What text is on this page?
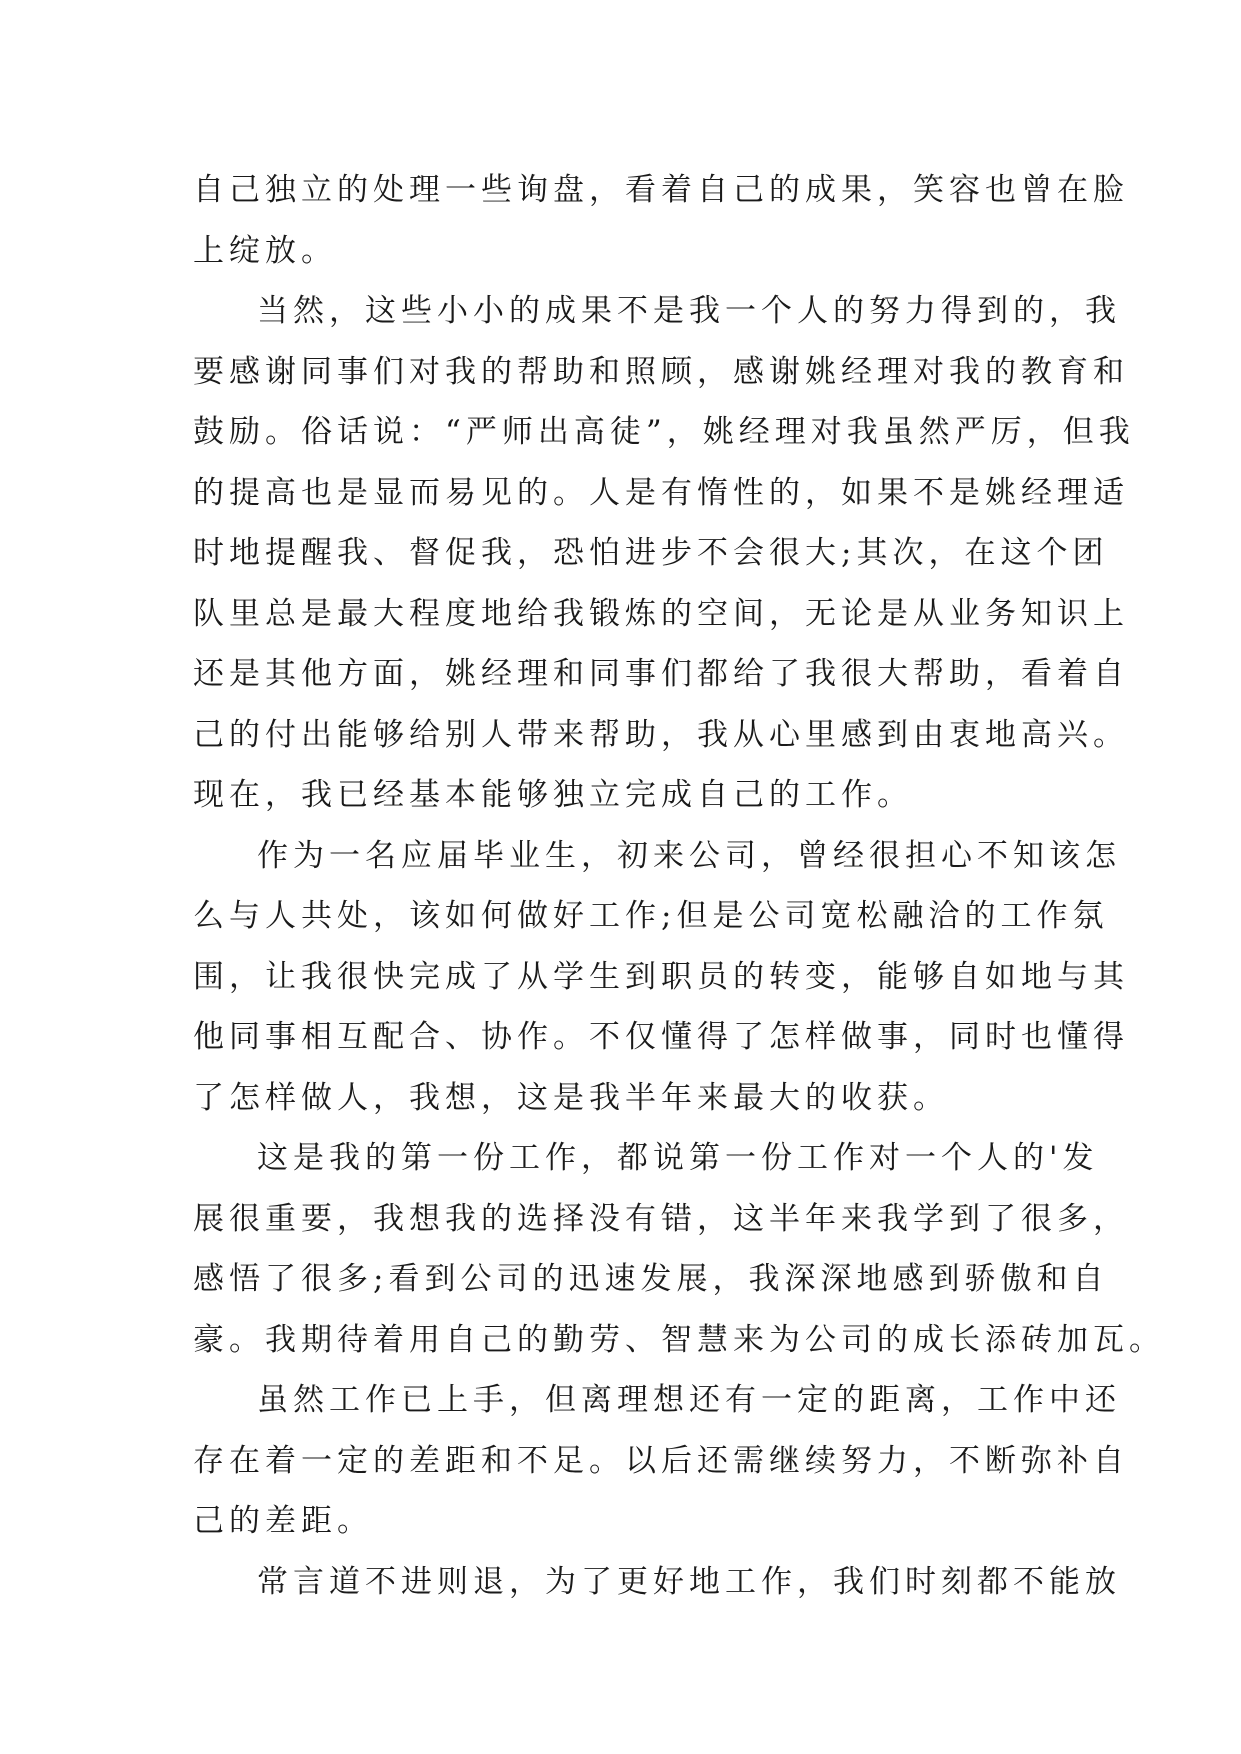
自己独立的处理一些询盘，看着自己的成果，笑容也曾在脸
上绽放。
当然，这些小小的成果不是我一个人的努力得到的，我
要感谢同事们对我的帮助和照顾，感谢姚经理对我的教育和
鼓励。俗话说：“严师出高徒”，姚经理对我虽然严厉，但我
的提高也是显而易见的。人是有惰性的，如果不是姚经理适
时地提醒我、督促我，恐怕进步不会很大;其次，在这个团
队里总是最大程度地给我锻炼的空间，无论是从业务知识上
还是其他方面，姚经理和同事们都给了我很大帮助，看着自
己的付出能够给别人带来帮助，我从心里感到由衷地高兴。
现在，我已经基本能够独立完成自己的工作。
作为一名应届毕业生，初来公司，曾经很担心不知该怎
么与人共处，该如何做好工作;但是公司宽松融洽的工作氛
围，让我很快完成了从学生到职员的转变，能够自如地与其
他同事相互配合、协作。不仅懂得了怎样做事，同时也懂得
了怎样做人，我想，这是我半年来最大的收获。
这是我的第一份工作，都说第一份工作对一个人的'发
展很重要，我想我的选择没有错，这半年来我学到了很多，
感悟了很多;看到公司的迅速发展，我深深地感到骄傲和自
豪。我期待着用自己的勤劳、智慧来为公司的成长添砖加瓦。
虽然工作已上手，但离理想还有一定的距离，工作中还
存在着一定的差距和不足。以后还需继续努力，不断弥补自
己的差距。
常言道不进则退，为了更好地工作，我们时刻都不能放
